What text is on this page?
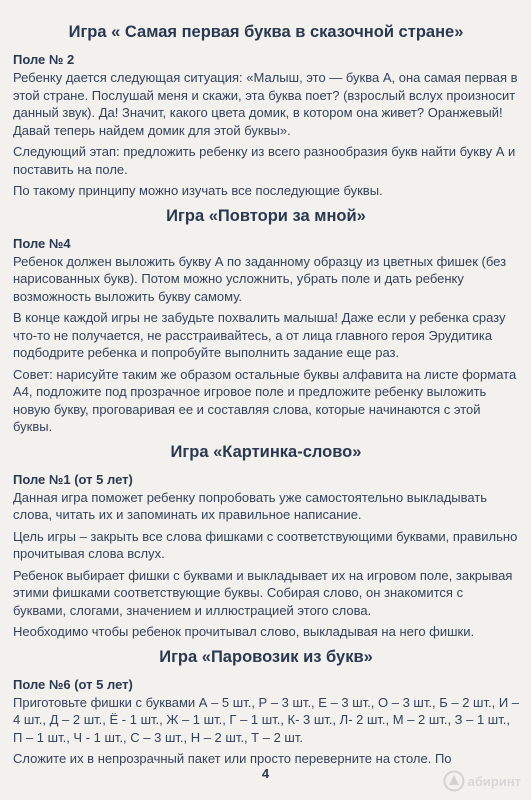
Игра « Самая первая буква в сказочной стране»
Поле № 2

Ребенку дается следующая ситуация: «Малыш, это — буква А, она самая первая в этой стране. Послушай меня и скажи, эта буква поет? (взрослый вслух произносит данный звук). Да! Значит, какого цвета домик, в котором она живет? Оранжевый! Давай теперь найдем домик для этой буквы».

Следующий этап: предложить ребенку из всего разнообразия букв найти букву А и поставить на поле.

По такому принципу можно изучать все последующие буквы.

Игра «Повтори за мной»
Поле №4

Ребенок должен выложить букву А по заданному образцу из цветных фишек (без нарисованных букв). Потом можно усложнить, убрать поле и дать ребенку возможность выложить букву самому.

В конце каждой игры не забудьте похвалить малыша! Даже если у ребенка сразу что-то не получается, не расстраивайтесь, а от лица главного героя Эрудитика подбодрите ребенка и попробуйте выполнить задание еще раз.

Совет: нарисуйте таким же образом остальные буквы алфавита на листе формата А4, подложите под прозрачное игровое поле и предложите ребенку выложить новую букву, проговаривая ее и составляя слова, которые начинаются с этой буквы.

Игра «Картинка-слово»
Поле №1 (от 5 лет)

Данная игра поможет ребенку попробовать уже самостоятельно выкладывать слова, читать их и запоминать их правильное написание.

Цель игры – закрыть все слова фишками с соответствующими буквами, правильно прочитывая слова вслух.

Ребенок выбирает фишки с буквами и выкладывает их на игровом поле, закрывая этими фишками соответствующие буквы. Собирая слово, он знакомится с буквами, слогами, значением и иллюстрацией этого слова.

Необходимо чтобы ребенок прочитывал слово, выкладывая на него фишки.

Игра «Паровозик из букв»
Поле №6 (от 5 лет)

Приготовьте фишки с буквами А – 5 шт., Р – 3 шт., Е – 3 шт., О – 3 шт., Б – 2 шт., И – 4 шт., Д – 2 шт., Ё - 1 шт., Ж – 1 шт., Г – 1 шт., К- 3 шт., Л- 2 шт., М – 2 шт., З – 1 шт., П – 1 шт., Ч - 1 шт., С – 3 шт., Н – 2 шт., Т – 2 шт.

Сложите их в непрозрачный пакет или просто переверните на столе. По

4	абиринт
